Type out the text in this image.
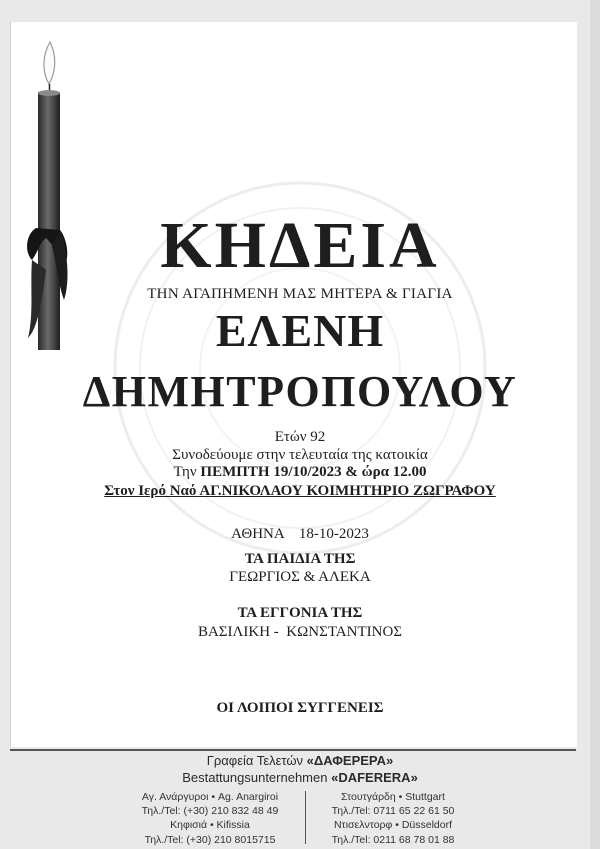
ΚΗΔΕΙΑ
ΤΗΝ ΑΓΑΠΗΜΕΝΗ ΜΑΣ ΜΗΤΕΡΑ & ΓΙΑΓΙΑ
ΕΛΕΝΗ
ΔΗΜΗΤΡΟΠΟΥΛΟΥ
Ετών 92
Συνοδεύουμε στην τελευταία της κατοικία
Την ΠΕΜΠΤΗ 19/10/2023 & ώρα 12.00
Στον Ιερό Ναό ΑΓ.ΝΙΚΟΛΑΟΥ ΚΟΙΜΗΤΗΡΙΟ ΖΩΓΡΑΦΟΥ
ΑΘΗΝΑ    18-10-2023
ΤΑ ΠΑΙΔΙΑ ΤΗΣ
ΓΕΩΡΓΙΟΣ & ΑΛΕΚΑ
ΤΑ ΕΓΓΟΝΙΑ ΤΗΣ
ΒΑΣΙΛΙΚΗ -  ΚΩΝΣΤΑΝΤΙΝΟΣ
ΟΙ ΛΟΙΠΟΙ ΣΥΓΓΕΝΕΙΣ
Γραφεία Τελετών «ΔΑΦΕΡΕΡΑ»
Bestattungsunternehmen «DAFERERA»
Αγ. Ανάργυροι • Ag. Anargiroi
Τηλ./Tel: (+30) 210 832 48 49
Κηφισιά • Kifissia
Τηλ./Tel: (+30) 210 8015715
Στουτγάρδη • Stuttgart
Τηλ./Tel: 0711 65 22 61 50
Ντισελντορφ • Düsseldorf
Τηλ./Tel: 0211 68 78 01 88
